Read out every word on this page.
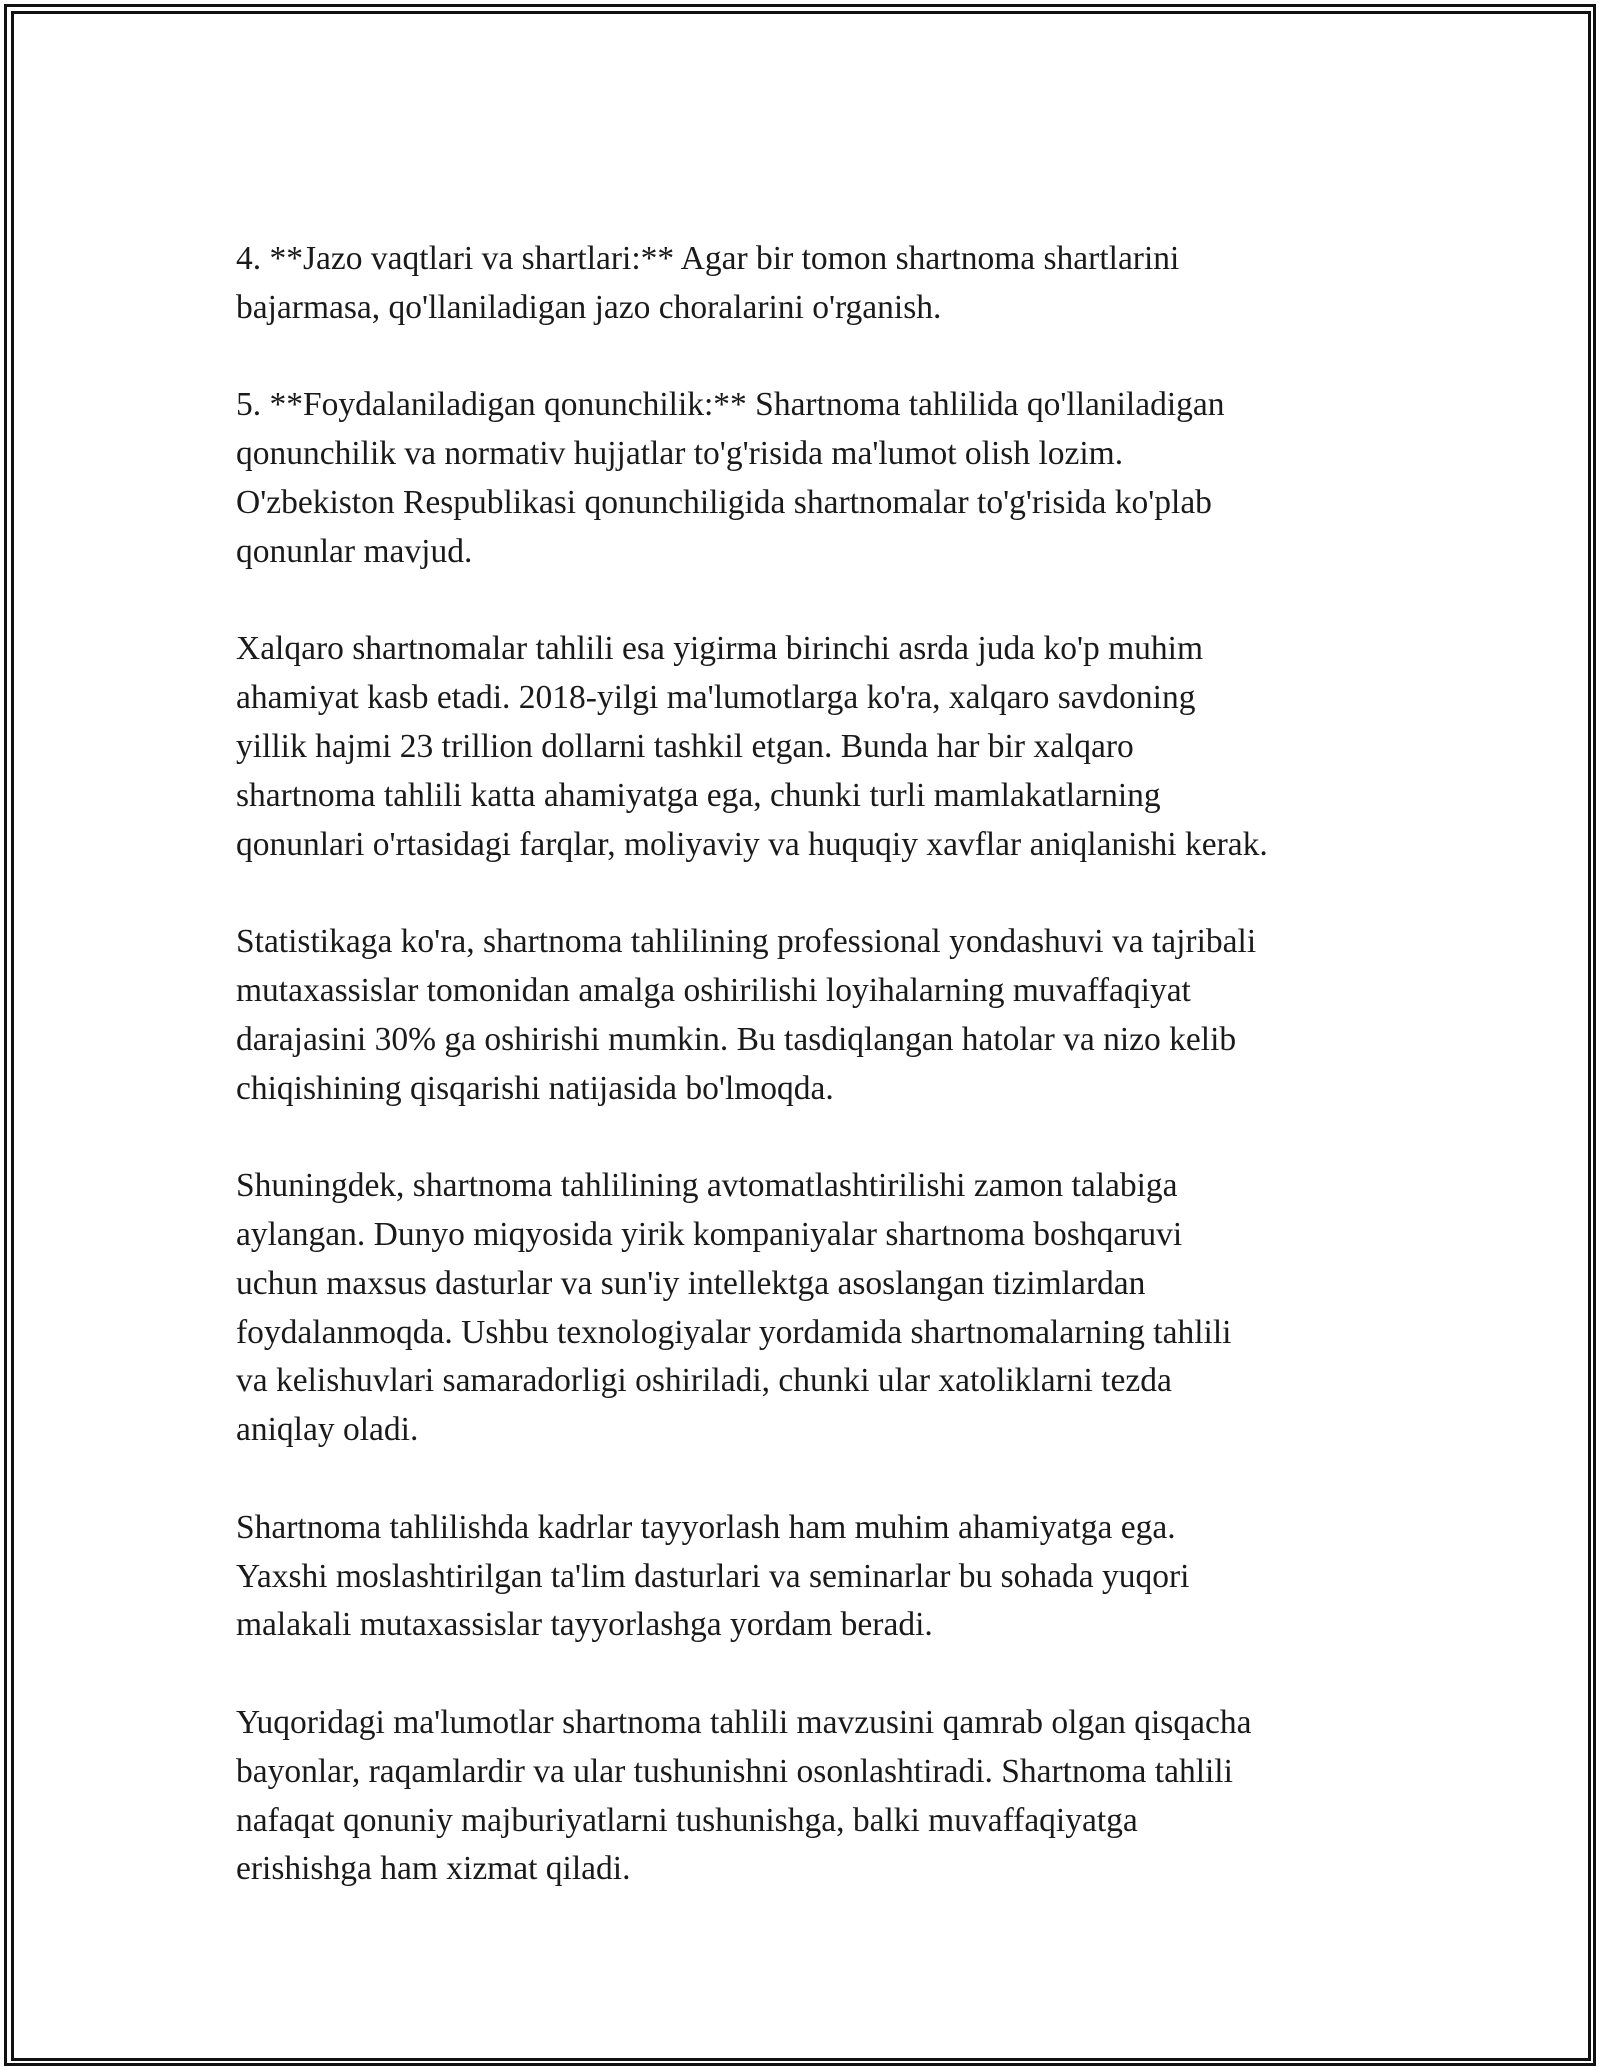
4. **Jazo vaqtlari va shartlari:** Agar bir tomon shartnoma shartlarini
bajarmasa, qo'llaniladigan jazo choralarini o'rganish.

5. **Foydalaniladigan qonunchilik:** Shartnoma tahlilida qo'llaniladigan
qonunchilik va normativ hujjatlar to'g'risida ma'lumot olish lozim.
O'zbekiston Respublikasi qonunchiligida shartnomalar to'g'risida ko'plab
qonunlar mavjud.

Xalqaro shartnomalar tahlili esa yigirma birinchi asrda juda ko'p muhim
ahamiyat kasb etadi. 2018-yilgi ma'lumotlarga ko'ra, xalqaro savdoning
yillik hajmi 23 trillion dollarni tashkil etgan. Bunda har bir xalqaro
shartnoma tahlili katta ahamiyatga ega, chunki turli mamlakatlarning
qonunlari o'rtasidagi farqlar, moliyaviy va huquqiy xavflar aniqlanishi kerak.

Statistikaga ko'ra, shartnoma tahlilining professional yondashuvi va tajribali
mutaxassislar tomonidan amalga oshirilishi loyihalarning muvaffaqiyat
darajasini 30% ga oshirishi mumkin. Bu tasdiqlangan hatolar va nizo kelib
chiqishining qisqarishi natijasida bo'lmoqda.

Shuningdek, shartnoma tahlilining avtomatlashtirilishi zamon talabiga
aylangan. Dunyo miqyosida yirik kompaniyalar shartnoma boshqaruvi
uchun maxsus dasturlar va sun'iy intellektga asoslangan tizimlardan
foydalanmoqda. Ushbu texnologiyalar yordamida shartnomalarning tahlili
va kelishuvlari samaradorligi oshiriladi, chunki ular xatoliklarni tezda
aniqlay oladi.

Shartnoma tahlilishda kadrlar tayyorlash ham muhim ahamiyatga ega.
Yaxshi moslashtirilgan ta'lim dasturlari va seminarlar bu sohada yuqori
malakali mutaxassislar tayyorlashga yordam beradi.

Yuqoridagi ma'lumotlar shartnoma tahlili mavzusini qamrab olgan qisqacha
bayonlar, raqamlardir va ular tushunishni osonlashtiradi. Shartnoma tahlili
nafaqat qonuniy majburiyatlarni tushunishga, balki muvaffaqiyatga
erishishga ham xizmat qiladi.
